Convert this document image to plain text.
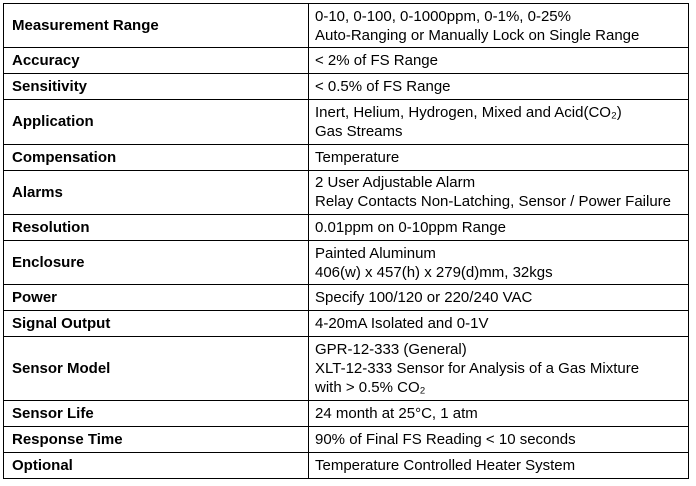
Measurement Range	0-10, 0-100, 0-1000ppm, 0-1%, 0-25%
Auto-Ranging or Manually Lock on Single Range

Accuracy	< 2% of FS Range

Sensitivity	< 0.5% of FS Range

Application	Inert, Helium, Hydrogen, Mixed and Acid(CO₂)
Gas Streams

Compensation	Temperature

Alarms	2 User Adjustable Alarm
Relay Contacts Non-Latching, Sensor / Power Failure

Resolution	0.01ppm on 0-10ppm Range

Enclosure	Painted Aluminum
406(w) x 457(h) x 279(d)mm, 32kgs

Power	Specify 100/120 or 220/240 VAC

Signal Output	4-20mA Isolated and 0-1V

Sensor Model	GPR-12-333 (General)
XLT-12-333 Sensor for Analysis of a Gas Mixture
with > 0.5% CO₂

Sensor Life	24 month at 25°C, 1 atm

Response Time	90% of Final FS Reading < 10 seconds

Optional	Temperature Controlled Heater System
